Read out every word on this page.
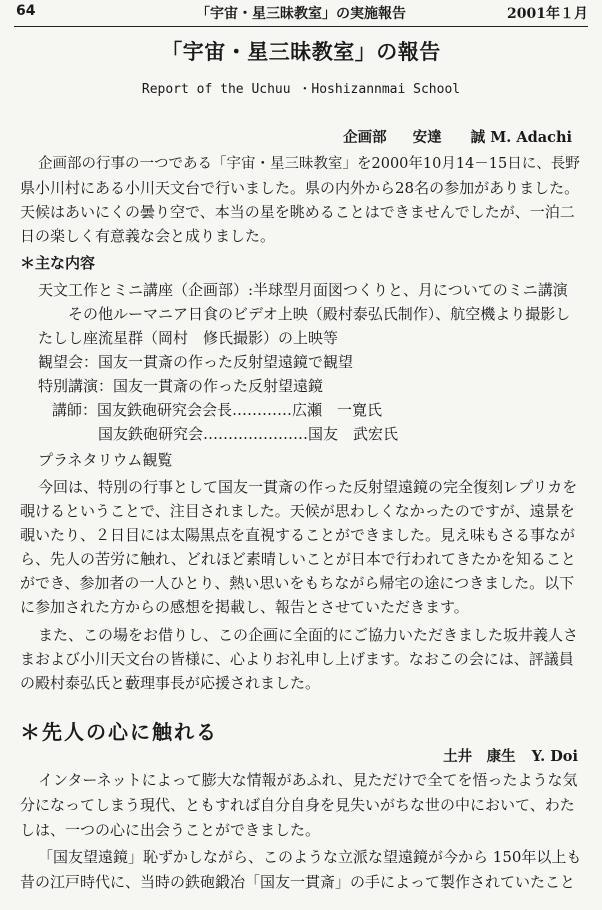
64	「宇宙・星三昧教室」の実施報告	2001年１月
「宇宙・星三昧教室」の報告
Report of the Uchuu ・Hoshizannmai School
企画部 安達　　誠 M. Adachi
企画部の行事の一つである「宇宙・星三昧教室」を2000年10月14－15日に、長野
県小川村にある小川天文台で行いました。県の内外から28名の参加がありました。
天候はあいにくの曇り空で、本当の星を眺めることはできませんでしたが、一泊二
日の楽しく有意義な会と成りました。
＊主な内容
天文工作とミニ講座（企画部）:半球型月面図つくりと、月についてのミニ講演
その他ルーマニア日食のビデオ上映（殿村泰弘氏制作）、航空機より撮影し
たしし座流星群（岡村　修氏撮影）の上映等
観望会：国友一貫斎の作った反射望遠鏡で観望
特別講演：国友一貫斎の作った反射望遠鏡
講師：国友鉄砲研究会会長…………広瀬　一寛氏
国友鉄砲研究会…………………国友　武宏氏
プラネタリウム観覧
今回は、特別の行事として国友一貫斎の作った反射望遠鏡の完全復刻レプリカを
覗けるということで、注目されました。天候が思わしくなかったのですが、遠景を
覗いたり、２日目には太陽黒点を直視することができました。見え味もさる事なが
ら、先人の苦労に触れ、どれほど素晴しいことが日本で行われてきたかを知ること
ができ、参加者の一人ひとり、熱い思いをもちながら帰宅の途につきました。以下
に参加された方からの感想を掲載し、報告とさせていただきます。
また、この場をお借りし、この企画に全面的にご協力いただきました坂井義人さ
まおよび小川天文台の皆様に、心よりお礼申し上げます。なおこの会には、評議員
の殿村泰弘氏と藪理事長が応援されました。
＊先人の心に触れる
土井　康生 Y. Doi
インターネットによって膨大な情報があふれ、見ただけで全てを悟ったような気
分になってしまう現代、ともすれば自分自身を見失いがちな世の中において、わた
しは、一つの心に出会うことができました。
「国友望遠鏡」恥ずかしながら、このような立派な望遠鏡が今から 150年以上も
昔の江戸時代に、当時の鉄砲鍛冶「国友一貫斎」の手によって製作されていたこと
